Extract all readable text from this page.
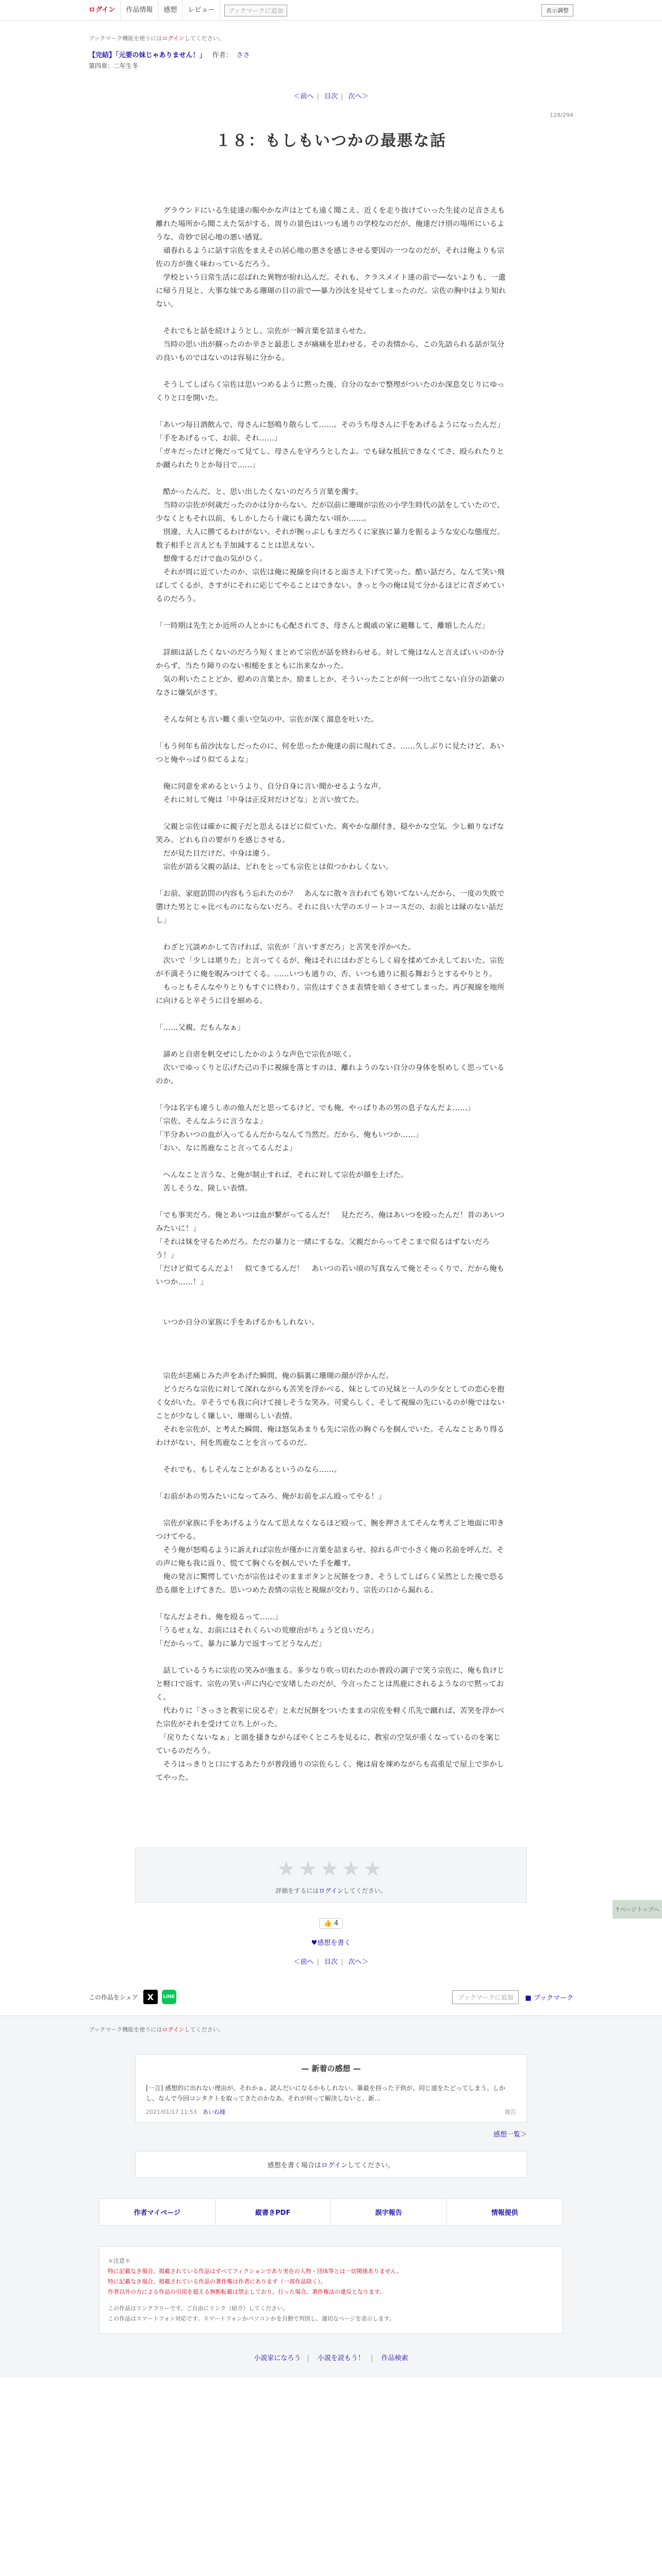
ログイン	作品情報	感想	レビュー	ブックマークに追加	表示調整
ブックマーク機能を使うにはログインしてください。
【完結】「元要の妹じゃありません！」 作者： ささ
第四章：二年生冬
＜前へ | 目次 | 次へ＞
128/294
１８：もしもいつかの最悪な話

　グラウンドにいる生徒達の賑やかな声はとても遠く聞こえ、近くを走り抜けていった生徒の足音さえも離れた場所から聞こえた気がする。周りの景色はいつも通りの学校なのだが、俺達だけ別の場所にいるような、奇妙で居心地の悪い感覚。

　頑春れるように話す宗佐をまえその居心地の悪さを感じさせる要因の一つなのだが、それは俺よりも宗佐の方が強く味わっているだろう。

　学校という日常生活に忍ばれた異物が紛れ込んだ。それも、クラスメイト達の前で──ないよりも、一遺に帰う月見と、大事な妹である珊瑚の目の前で──暴力沙汰を見せてしまったのだ。宗佐の胸中はより知れない。

　それでもと話を続けようとし、宗佐が一瞬言葉を詰まらせた。

　当時の思い出が蘇ったのか辛さと最悲しさが痛痛を思わせる。その表情から、この先語られる話が気分の良いものではないのは容易に分かる。

　そうしてしばらく宗佐は思いつめるように黙った後、自分のなかで整理がついたのか深息交じりにゆっくりと口を開いた。

「あいつ毎日酒飲んで、母さんに怒鳴り散らして……。そのうち母さんに手をあげるようになったんだ」

「手をあげるって、お前、それ……」

「ガキだったけど俺だって見てし、母さんを守ろうとしたよ。でも碌な抵抗できなくてさ、殴られたりとか蹴られたりとか毎日で……」

　酷かったんだ、と、思い出したくないのだろう言葉を濁す。

　当時の宗佐が何歳だったのかは分からない。だが以前に珊瑚が宗佐の小学生時代の話をしていたので、少なくともそれ以前、もしかしたら十歳にも満たない頃か……。

　別違、大人に勝てるわけがない。それが腕っぷしもまだろくに家族に暴力を振るような安心な態度だ。数子相手と言えども手加減することは思えない。

　想像するだけで血の気がひく。

　それが周に近ていたのか、宗佐は俺に視線を向けると面さえ下げて笑った。酷い話だろ、なんて笑い飛ばしてくるが、さすがにそれに応じてやることはできない。きっと今の俺は見て分かるほどに青ざめているのだろう。

「一時期は先生とか近所の人とかにも心配されてさ、母さんと親戚の家に避難して、離婚したんだ」

　詳細は話したくないのだろう短くまとめて宗佐が話を終わらせる。対して俺はなんと言えばいいのか分からず、当たり障りのない相槌をまともに出来なかった。

　気の利いたことどか、慰めの言葉とか、励ましとか、そういったことが何一つ出てこない自分の語彙のなさに嫌気がさす。

　そんな何とも言い難く重い空気の中、宗佐が深く溜息を吐いた。

「もう何年も前沙汰なしだったのに、何を思ったか俺達の前に現れてさ。……久しぶりに見たけど、あいつと俺やっぱり似てるよな」

　俺に同意を求めるというより、自分自身に言い聞かせるような声。

　それに対して俺は「中身は正反対だけどな」と言い放てた。

　父親と宗佐は確かに親子だと思えるほどに似ていた。爽やかな顔付き、穏やかな空気。少し頼りなげな笑み。どれも自の要がりを感じさせる。

　だが見た目だけだ。中身は違う。

　宗佐が語る父親の話は、どれをとっても宗佐とは似つかわしくない。

「お前、家庭訪問の内容もう忘れたのか？　あんなに散々言われても効いてないんだから、一度の失敗で懲けた男とじゃ比べものにならないだろ。それに良い大学のエリートコースだの、お前とは縁のない話だし」

　わざと冗談めかして告げれば、宗佐が「言いすぎだろ」と苦笑を浮かべた。

　次いで「少しは堪りた」と言ってくるが、俺はそれにはわざとらしく肩を揉めてかえしておいた。宗佐が不満そうに俺を睨みつけてくる。……いつも通りの、否、いつも通りに振る舞おうとするやりとり。

　もっともそんなやりとりもすぐに終わり、宗佐はすぐさま表情を暗くさせてしまった。再び視線を地所に向けると辛そうに目を細める。

「……父親、だもんなぁ」

　諦めと自虐を帆交ぜにしたかのような声色で宗佐が呟く。

　次いでゆっくりと広げた己の手に視線を落とすのは、離れようのない自分の身体を恨めしく思っているのか。

「今は名字も違うし赤の他人だと思ってるけど、でも俺、やっぱりあの男の息子なんだよ……」

「宗佐、そんなふうに言うなよ」

「半分あいつの血が入ってるんだからなんて当然だ。だから、俺もいつか……」

「おい、なに馬鹿なこと言ってるんだよ」

　へんなこと言うな、と俺が制止すれば、それに対して宗佐が顔を上げた。

　苦しそうな、険しい表情。

「でも事実だろ。俺とあいつは血が繋がってるんだ！　見ただろ、俺はあいつを殴ったんだ！昔のあいつみたいに！」

「それは妹を守るためだろ。ただの暴力と一緒にするな。父親だからってそこまで似るはずないだろう！」

「だけど似てるんだよ！　似てきてるんだ！　あいつの若い頃の写真なんて俺とそっくりで、だから俺もいつか……！」

　いつか自分の家族に手をあげるかもしれない。

　宗佐が悲痛じみた声をあげた瞬間、俺の脳裏に珊瑚の顔が浮かんだ。

　どうだろな宗佐に対して深れながらも苦笑を浮かべる、妹としての兄妹と一人の少女としての恋心を抱く女がいた。辛そうでも我に向けて接しそうな笑み。可愛らしく、そして視線の先にいるのが俺ではないことが少なしく嫌しい、珊瑚らしい表情。

　それを宗佐が、と考えた瞬間、俺は怒気あまりも先に宗佐の胸ぐらを掴んでいた。そんなことあり得るわけがない、何を馬鹿なことを言ってるのだ。

　それでも、もしそんなことがあるというのなら……。

「お前があの男みたいになってみろ、俺がお前をぶん殴ってやる！」

　宗佐が家族に手をあげるようなんて思えなくなるほど殴って、腕を押さえてそんな考えごと地面に叩きつけてやる。

　そう俺が怒鳴るように訴えれば宗佐が僅かに言葉を詰まらせ、掠れる声で小さく俺の名前を呼んだ。その声に俺も我に返り、慌てて胸ぐらを掴んでいた手を離す。

　俺の発言に驚愕していたが宗佐はそのままボタンと尻餅をつき、そうしてしばらく呆然とした後で恐る恐る顔を上げてきた。思いつめた表情の宗佐と視線が交わり、宗佐の口から漏れる。

「なんだよそれ、俺を殴るって……」

「うるせぇな、お前にはそれくらいの荒療治がちょうど良いだろ」

「だからって、暴力に暴力で返すってどうなんだ」

　話しているうちに宗佐の笑みが強まる。多少なり吹っ切れたのか普段の調子で笑う宗佐に、俺も負けじと軽口で返す。宗佐の笑い声に内心で安堵したのだが、今言ったことは馬鹿にされるようなので黙っておく。

　代わりに「さっさと教室に戻るぞ」と未だ尻餅をついたままの宗佐を軽く爪先で蹴れば、苦笑を浮かべた宗佐がそれを受けて立ち上がった。

　「戻りたくないなぁ」と頭を搔きながらぼやくところを見るに、教室の空気が重くなっているのを案じているのだろう。

　そうはっきりと口にするあたりが普段通りの宗佐らしく、俺は肩を竦めながらも高重足で屋上で歩かしてやった。

★★★★★
評価をするにはログインしてください。
👍 4
♥感想を書く
＜前へ | 目次 | 次へ＞
この作品をシェア	X	LINE	ブックマークに追加	■ ブックマーク
ブックマーク機能を使うにはログインしてください。
— 新着の感想 —
[一言] 感想的に出れない理由が、それかぁ。読んだいになるかもしれない。暴最を持った子供が、同じ道をたどってしまう。しかし、なんで今回コンタクトを取ってきたのかなあ。それが何って解決しないと、新…
2021/01/17 11:53 あいね様	報告
感想一覧＞
感想を書く場合は ログイン してください。
作者マイページ	縦書きPDF	誤字報告	情報提供
＊注意＊
特に記載なき場合、掲載されている作品はすべてフィクションであり実在の人物・団体等とは一切関係ありません。
特に記載なき場合、掲載されている作品の著作権は作者にあります（一部作品除く）。
作者以外の方による作品の引用を超える無断転載は禁止しており、行った場合、著作権法の違反となります。
この作品はリンクフリーです。ご自由にリンク（紹介）してください。
この作品はスマートフォン対応です。スマートフォンかパソコンかを自動で判別し、適切なページを表示します。
小説家になろう | 小説を読もう！ | 作品検索
↑ページトップへ
